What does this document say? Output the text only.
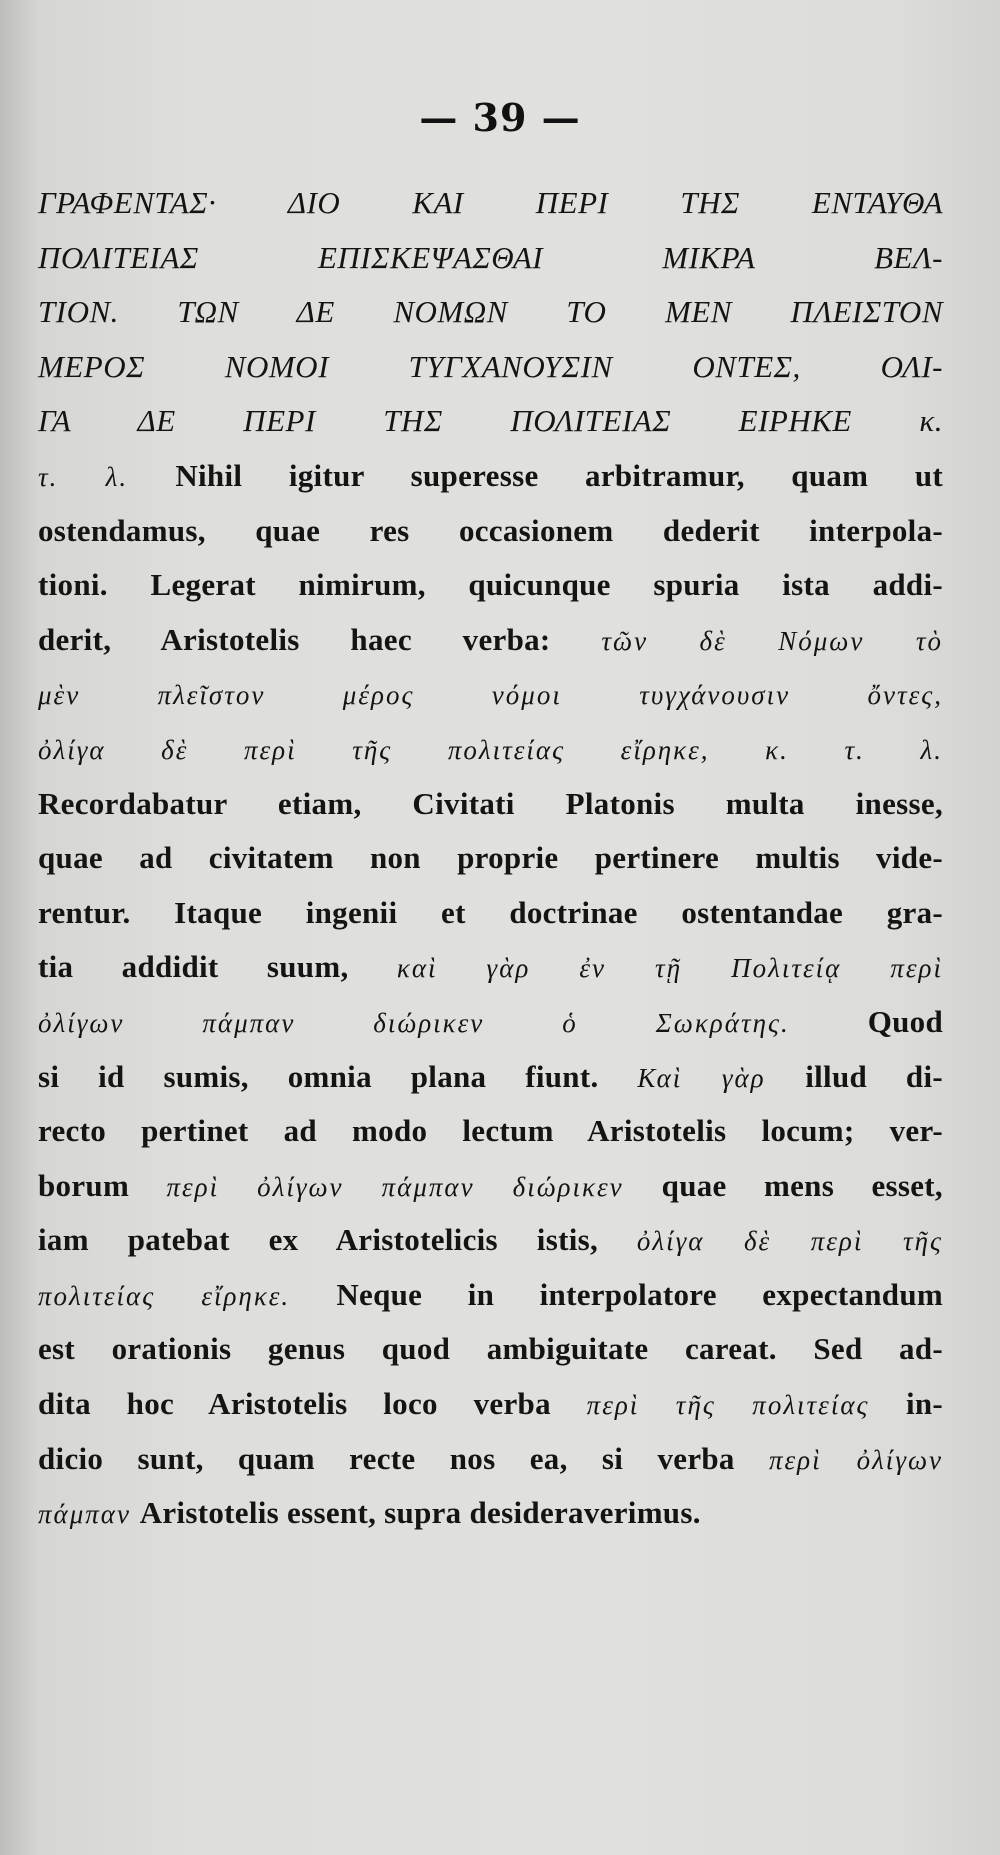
— 39 —
ΓΡΑΦΕΝΤΑΣ· ΔΙΟ ΚΑΙ ΠΕΡΙ ΤΗΣ ΕΝΤΑΥΘΑ
ΠΟΛΙΤΕΙΑΣ ΕΠΙΣΚΕΨΑΣΘΑΙ ΜΙΚΡΑ ΒΕΛ-
ΤΙΟΝ. ΤΩΝ ΔΕ ΝΟΜΩΝ ΤΟ ΜΕΝ ΠΛΕΙΣΤΟΝ
ΜΕΡΟΣ ΝΟΜΟΙ ΤΥΓΧΑΝΟΥΣΙΝ ΟΝΤΕΣ, ΟΛΙ-
ΓΑ ΔΕ ΠΕΡΙ ΤΗΣ ΠΟΛΙΤΕΙΑΣ ΕΙΡΗΚΕ κ.
τ. λ. Nihil igitur superesse arbitramur, quam ut
ostendamus, quae res occasionem dederit interpola-
tioni. Legerat nimirum, quicunque spuria ista addi-
derit, Aristotelis haec verba: τῶν δὲ Νόμων τὸ
μὲν πλεῖστον μέρος νόμοι τυγχάνουσιν ὄντες,
ὀλίγα δὲ περὶ τῆς πολιτείας εἴρηκε, κ. τ. λ.
Recordabatur etiam, Civitati Platonis multa inesse,
quae ad civitatem non proprie pertinere multis vide-
rentur. Itaque ingenii et doctrinae ostentandae gra-
tia addidit suum, καὶ γὰρ ἐν τῇ Πολιτείᾳ περὶ
ὀλίγων πάμπαν διώρικεν ὁ Σωκράτης. Quod
si id sumis, omnia plana fiunt. Καὶ γὰρ illud di-
recto pertinet ad modo lectum Aristotelis locum; ver-
borum περὶ ὀλίγων πάμπαν διώρικεν quae mens esset,
iam patebat ex Aristotelicis istis, ὀλίγα δὲ περὶ τῆς
πολιτείας εἴρηκε. Neque in interpolatore expectandum
est orationis genus quod ambiguitate careat. Sed ad-
dita hoc Aristotelis loco verba περὶ τῆς πολιτείας in-
dicio sunt, quam recte nos ea, si verba περὶ ὀλίγων
πάμπαν Aristotelis essent, supra desideraverimus.
